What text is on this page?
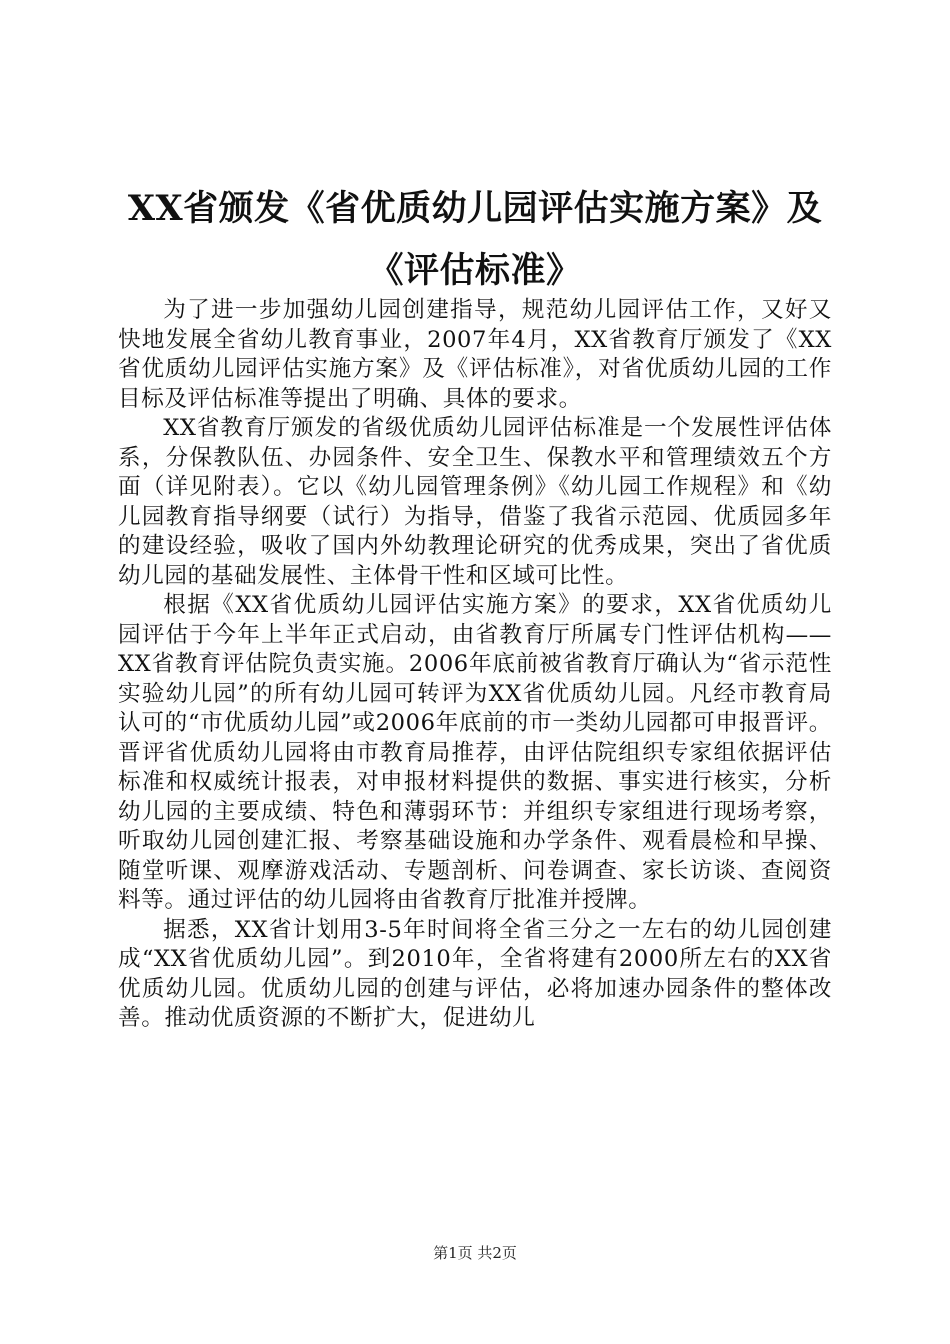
XX省颁发《省优质幼儿园评估实施方案》及
《评估标准》

为了进一步加强幼儿园创建指导，规范幼儿园评估工作，又好又快地发展全省幼儿教育事业，2007年4月，XX省教育厅颁发了《XX省优质幼儿园评估实施方案》及《评估标准》，对省优质幼儿园的工作目标及评估标准等提出了明确、具体的要求。

XX省教育厅颁发的省级优质幼儿园评估标准是一个发展性评估体系，分保教队伍、办园条件、安全卫生、保教水平和管理绩效五个方面（详见附表）。它以《幼儿园管理条例》《幼儿园工作规程》和《幼儿园教育指导纲要（试行）为指导，借鉴了我省示范园、优质园多年的建设经验，吸收了国内外幼教理论研究的优秀成果，突出了省优质幼儿园的基础发展性、主体骨干性和区域可比性。

根据《XX省优质幼儿园评估实施方案》的要求，XX省优质幼儿园评估于今年上半年正式启动，由省教育厅所属专门性评估机构——XX省教育评估院负责实施。2006年底前被省教育厅确认为“省示范性实验幼儿园”的所有幼儿园可转评为XX省优质幼儿园。凡经市教育局认可的“市优质幼儿园”或2006年底前的市一类幼儿园都可申报晋评。晋评省优质幼儿园将由市教育局推荐，由评估院组织专家组依据评估标准和权威统计报表，对申报材料提供的数据、事实进行核实，分析幼儿园的主要成绩、特色和薄弱环节：并组织专家组进行现场考察，听取幼儿园创建汇报、考察基础设施和办学条件、观看晨检和早操、随堂听课、观摩游戏活动、专题剖析、问卷调查、家长访谈、查阅资料等。通过评估的幼儿园将由省教育厅批准并授牌。

据悉，XX省计划用3-5年时间将全省三分之一左右的幼儿园创建成“XX省优质幼儿园”。到2010年，全省将建有2000所左右的XX省优质幼儿园。优质幼儿园的创建与评估，必将加速办园条件的整体改善。推动优质资源的不断扩大，促进幼儿

第1页 共2页
